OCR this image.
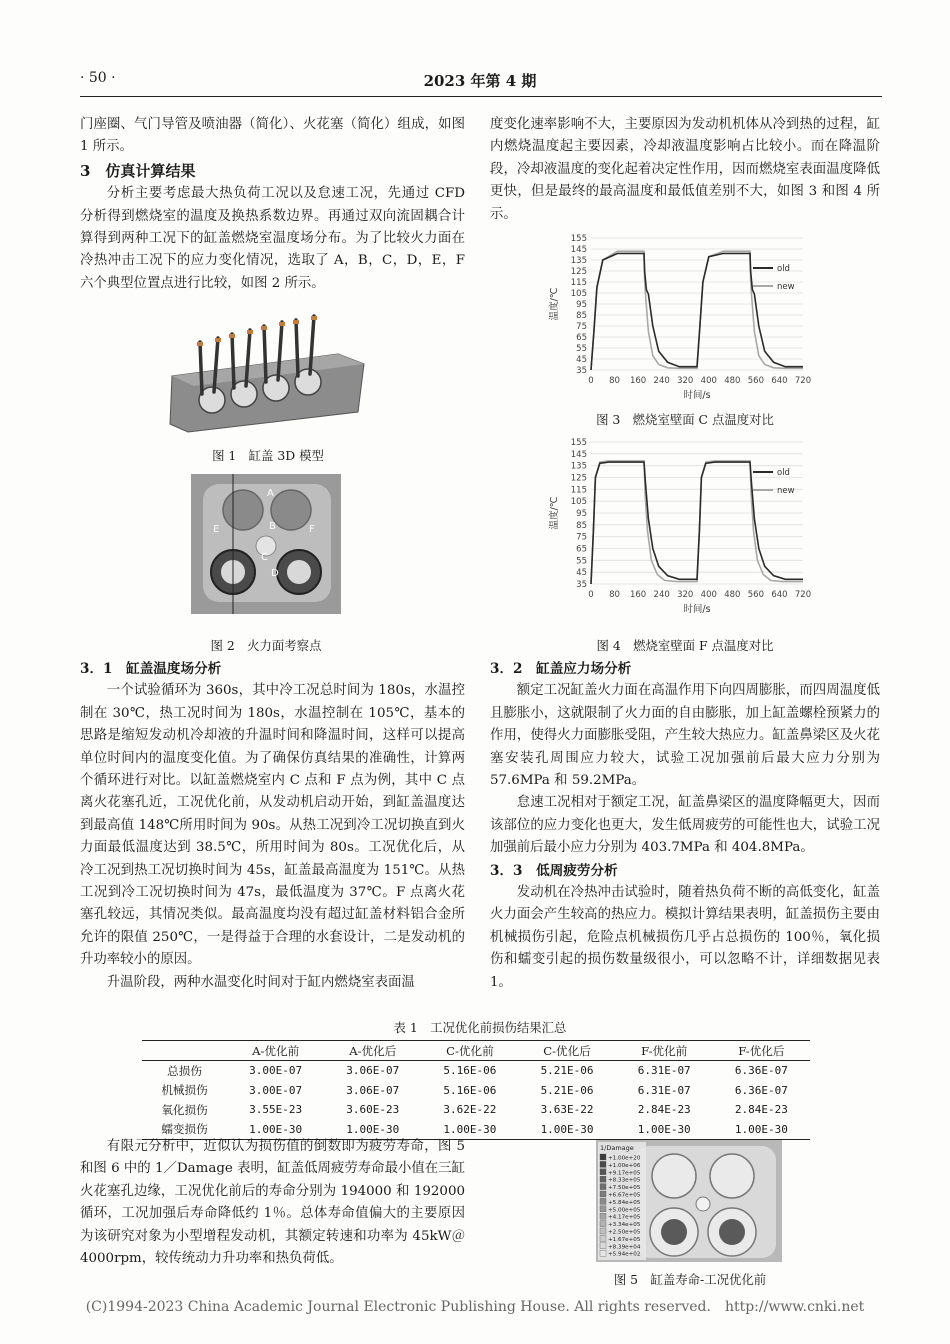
· 50 ·	2023 年第 4 期

门座圈、气门导管及喷油器（简化）、火花塞（简化）组成，如图 1 所示。

3　仿真计算结果

分析主要考虑最大热负荷工况以及怠速工况，先通过 CFD 分析得到燃烧室的温度及换热系数边界。再通过双向流固耦合计算得到两种工况下的缸盖燃烧室温度场分布。为了比较火力面在冷热冲击工况下的应力变化情况，选取了 A，B，C，D，E，F 六个典型位置点进行比较，如图 2 所示。

图 1　缸盖 3D 模型
A
B
C
D
E	F
图 2　火力面考察点

3．1　缸盖温度场分析

一个试验循环为 360s，其中冷工况总时间为 180s，水温控制在 30℃，热工况时间为 180s，水温控制在 105℃，基本的思路是缩短发动机冷却液的升温时间和降温时间，这样可以提高单位时间内的温度变化值。为了确保仿真结果的准确性，计算两个循环进行对比。以缸盖燃烧室内 C 点和 F 点为例，其中 C 点离火花塞孔近，工况优化前，从发动机启动开始，到缸盖温度达到最高值 148℃所用时间为 90s。从热工况到冷工况切换直到火力面最低温度达到 38.5℃，所用时间为 80s。工况优化后，从冷工况到热工况切换时间为 45s，缸盖最高温度为 151℃。从热工况到冷工况切换时间为 47s，最低温度为 37℃。F 点离火花塞孔较远，其情况类似。最高温度均没有超过缸盖材料铝合金所允许的限值 250℃，一是得益于合理的水套设计，二是发动机的升功率较小的原因。

升温阶段，两种水温变化时间对于缸内燃烧室表面温

度变化速率影响不大，主要原因为发动机机体从冷到热的过程，缸内燃烧温度起主要因素，冷却液温度影响占比较小。而在降温阶段，冷却液温度的变化起着决定性作用，因而燃烧室表面温度降低更快，但是最终的最高温度和最低值差别不大，如图 3 和图 4 所示。

35
45
55
65
75
85
95
105
115
125
135
145
155
0 80 160 240 320 400 480 560 640 720
时间/s
温度/℃
old
new
图 3　燃烧室壁面 C 点温度对比
35
45
55
65
75
85
95
105
115
125
135
145
155
0 80 160 240 320 400 480 560 640 720
时间/s
温度/℃
old
new
图 4　燃烧室壁面 F 点温度对比

3．2　缸盖应力场分析

额定工况缸盖火力面在高温作用下向四周膨胀，而四周温度低且膨胀小，这就限制了火力面的自由膨胀，加上缸盖螺栓预紧力的作用，使得火力面膨胀受阻，产生较大热应力。缸盖鼻梁区及火花塞安装孔周围应力较大，试验工况加强前后最大应力分别为 57.6MPa 和 59.2MPa。

怠速工况相对于额定工况，缸盖鼻梁区的温度降幅更大，因而该部位的应力变化也更大，发生低周疲劳的可能性也大，试验工况加强前后最小应力分别为 403.7MPa 和 404.8MPa。

3．3　低周疲劳分析

发动机在冷热冲击试验时，随着热负荷不断的高低变化，缸盖火力面会产生较高的热应力。模拟计算结果表明，缸盖损伤主要由机械损伤引起，危险点机械损伤几乎占总损伤的 100％，氧化损伤和蠕变引起的损伤数量级很小，可以忽略不计，详细数据见表 1。

表 1　工况优化前损伤结果汇总
	A-优化前	A-优化后	C-优化前	C-优化后	F-优化前	F-优化后
总损伤	3.00E-07	3.06E-07	5.16E-06	5.21E-06	6.31E-07	6.36E-07
机械损伤	3.00E-07	3.06E-07	5.16E-06	5.21E-06	6.31E-07	6.36E-07
氧化损伤	3.55E-23	3.60E-23	3.62E-22	3.63E-22	2.84E-23	2.84E-23
蠕变损伤	1.00E-30	1.00E-30	1.00E-30	1.00E-30	1.00E-30	1.00E-30

有限元分析中，近似认为损伤值的倒数即为疲劳寿命，图 5 和图 6 中的 1／Damage 表明，缸盖低周疲劳寿命最小值在三缸火花塞孔边缘，工况优化前后的寿命分别为 194000 和 192000 循环，工况加强后寿命降低约 1％。总体寿命值偏大的主要原因为该研究对象为小型增程发动机，其额定转速和功率为 45kW＠4000rpm，较传统动力升功率和热负荷低。

1/Damage
+1.00e+20
+1.00e+06
+9.17e+05
+8.33e+05
+7.50e+05
+6.67e+05
+5.84e+05
+5.00e+05
+4.17e+05
+3.34e+05
+2.50e+05
+1.67e+05
+8.39e+04
+5.94e+02
图 5　缸盖寿命-工况优化前
(C)1994-2023 China Academic Journal Electronic Publishing House. All rights reserved.　http://www.cnki.net
